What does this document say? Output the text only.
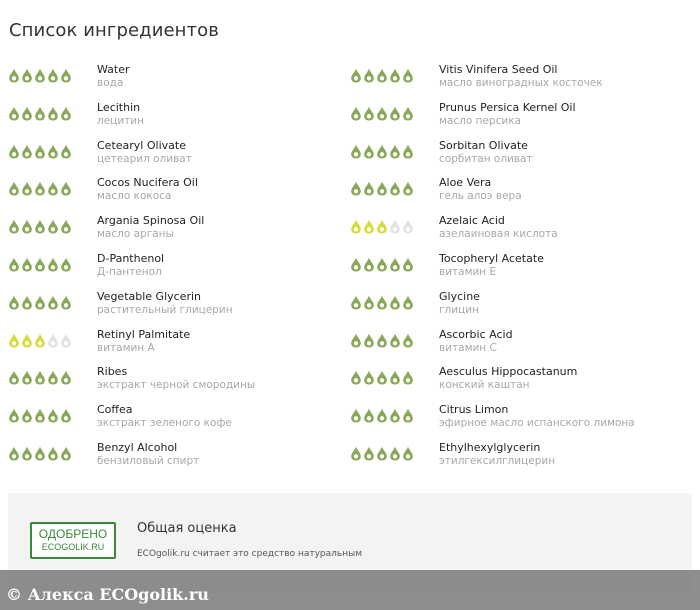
Список ингредиентов
Water
вода
Lecithin
лецитин
Cetearyl Olivate
цетеарил оливат
Cocos Nucifera Oil
масло кокоса
Argania Spinosa Oil
масло арганы
D-Panthenol
Д-пантенол
Vegetable Glycerin
растительный глицерин
Retinyl Palmitate
витамин А
Ribes
экстракт черной смородины
Coffea
экстракт зеленого кофе
Benzyl Alcohol
бензиловый спирт
Vitis Vinifera Seed Oil
масло виноградных косточек
Prunus Persica Kernel Oil
масло персика
Sorbitan Olivate
сорбитан оливат
Aloe Vera
гель алоэ вера
Azelaic Acid
азелаиновая кислота
Tocopheryl Acetate
витамин Е
Glycine
глицин
Ascorbic Acid
витамин С
Aesculus Hippocastanum
конский каштан
Citrus Limon
эфирное масло испанского лимона
Ethylhexylglycerin
этилгексилглицерин
ОДОБРЕНО
ECOGOLIK.RU
Общая оценка
ECOgolik.ru считает это средство натуральным
© Алекса ECOgolik.ru
